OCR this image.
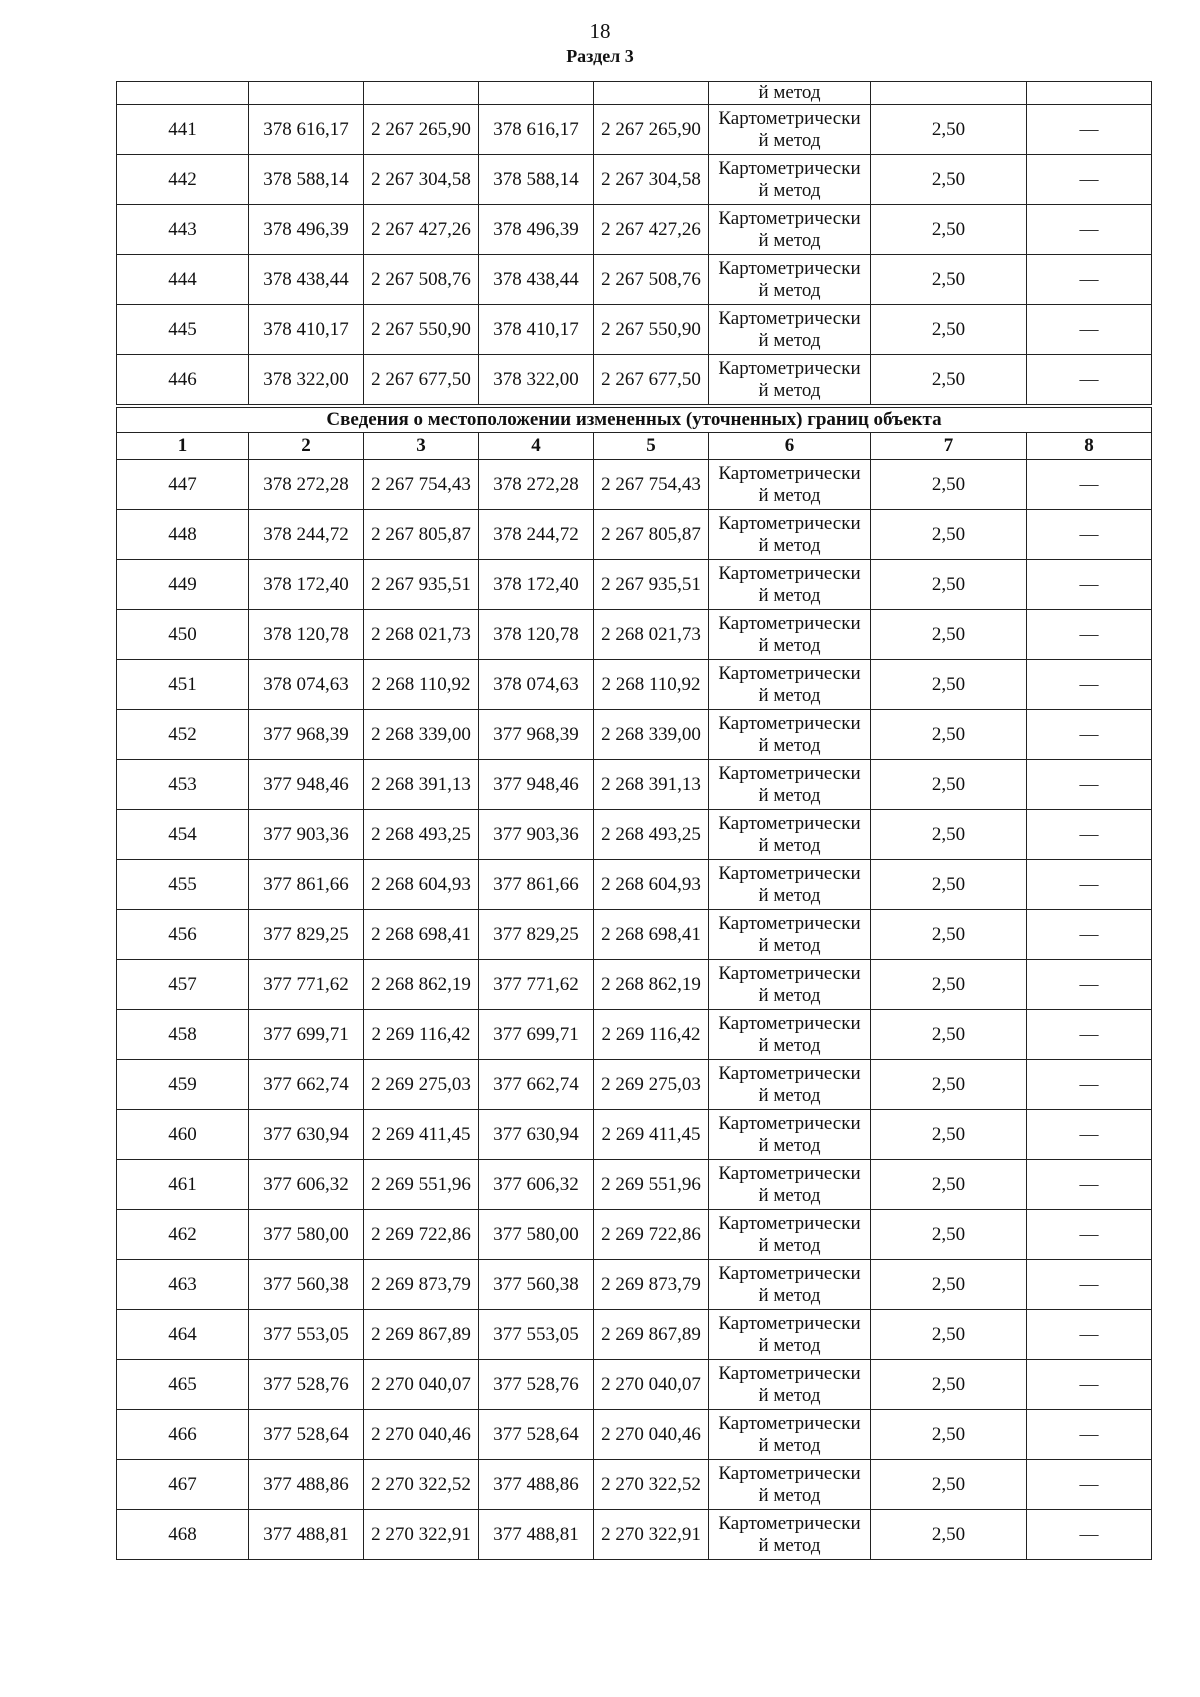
18
Раздел 3
					й метод		
441	378 616,17	2 267 265,90	378 616,17	2 267 265,90	Картометрически
й метод	2,50	—
442	378 588,14	2 267 304,58	378 588,14	2 267 304,58	Картометрически
й метод	2,50	—
443	378 496,39	2 267 427,26	378 496,39	2 267 427,26	Картометрически
й метод	2,50	—
444	378 438,44	2 267 508,76	378 438,44	2 267 508,76	Картометрически
й метод	2,50	—
445	378 410,17	2 267 550,90	378 410,17	2 267 550,90	Картометрически
й метод	2,50	—
446	378 322,00	2 267 677,50	378 322,00	2 267 677,50	Картометрически
й метод	2,50	—
Сведения о местоположении измененных (уточненных) границ объекта							
1	2	3	4	5	6	7	8
447	378 272,28	2 267 754,43	378 272,28	2 267 754,43	Картометрически
й метод	2,50	—
448	378 244,72	2 267 805,87	378 244,72	2 267 805,87	Картометрически
й метод	2,50	—
449	378 172,40	2 267 935,51	378 172,40	2 267 935,51	Картометрически
й метод	2,50	—
450	378 120,78	2 268 021,73	378 120,78	2 268 021,73	Картометрически
й метод	2,50	—
451	378 074,63	2 268 110,92	378 074,63	2 268 110,92	Картометрически
й метод	2,50	—
452	377 968,39	2 268 339,00	377 968,39	2 268 339,00	Картометрически
й метод	2,50	—
453	377 948,46	2 268 391,13	377 948,46	2 268 391,13	Картометрически
й метод	2,50	—
454	377 903,36	2 268 493,25	377 903,36	2 268 493,25	Картометрически
й метод	2,50	—
455	377 861,66	2 268 604,93	377 861,66	2 268 604,93	Картометрически
й метод	2,50	—
456	377 829,25	2 268 698,41	377 829,25	2 268 698,41	Картометрически
й метод	2,50	—
457	377 771,62	2 268 862,19	377 771,62	2 268 862,19	Картометрически
й метод	2,50	—
458	377 699,71	2 269 116,42	377 699,71	2 269 116,42	Картометрически
й метод	2,50	—
459	377 662,74	2 269 275,03	377 662,74	2 269 275,03	Картометрически
й метод	2,50	—
460	377 630,94	2 269 411,45	377 630,94	2 269 411,45	Картометрически
й метод	2,50	—
461	377 606,32	2 269 551,96	377 606,32	2 269 551,96	Картометрически
й метод	2,50	—
462	377 580,00	2 269 722,86	377 580,00	2 269 722,86	Картометрически
й метод	2,50	—
463	377 560,38	2 269 873,79	377 560,38	2 269 873,79	Картометрически
й метод	2,50	—
464	377 553,05	2 269 867,89	377 553,05	2 269 867,89	Картометрически
й метод	2,50	—
465	377 528,76	2 270 040,07	377 528,76	2 270 040,07	Картометрически
й метод	2,50	—
466	377 528,64	2 270 040,46	377 528,64	2 270 040,46	Картометрически
й метод	2,50	—
467	377 488,86	2 270 322,52	377 488,86	2 270 322,52	Картометрически
й метод	2,50	—
468	377 488,81	2 270 322,91	377 488,81	2 270 322,91	Картометрически
й метод	2,50	—
